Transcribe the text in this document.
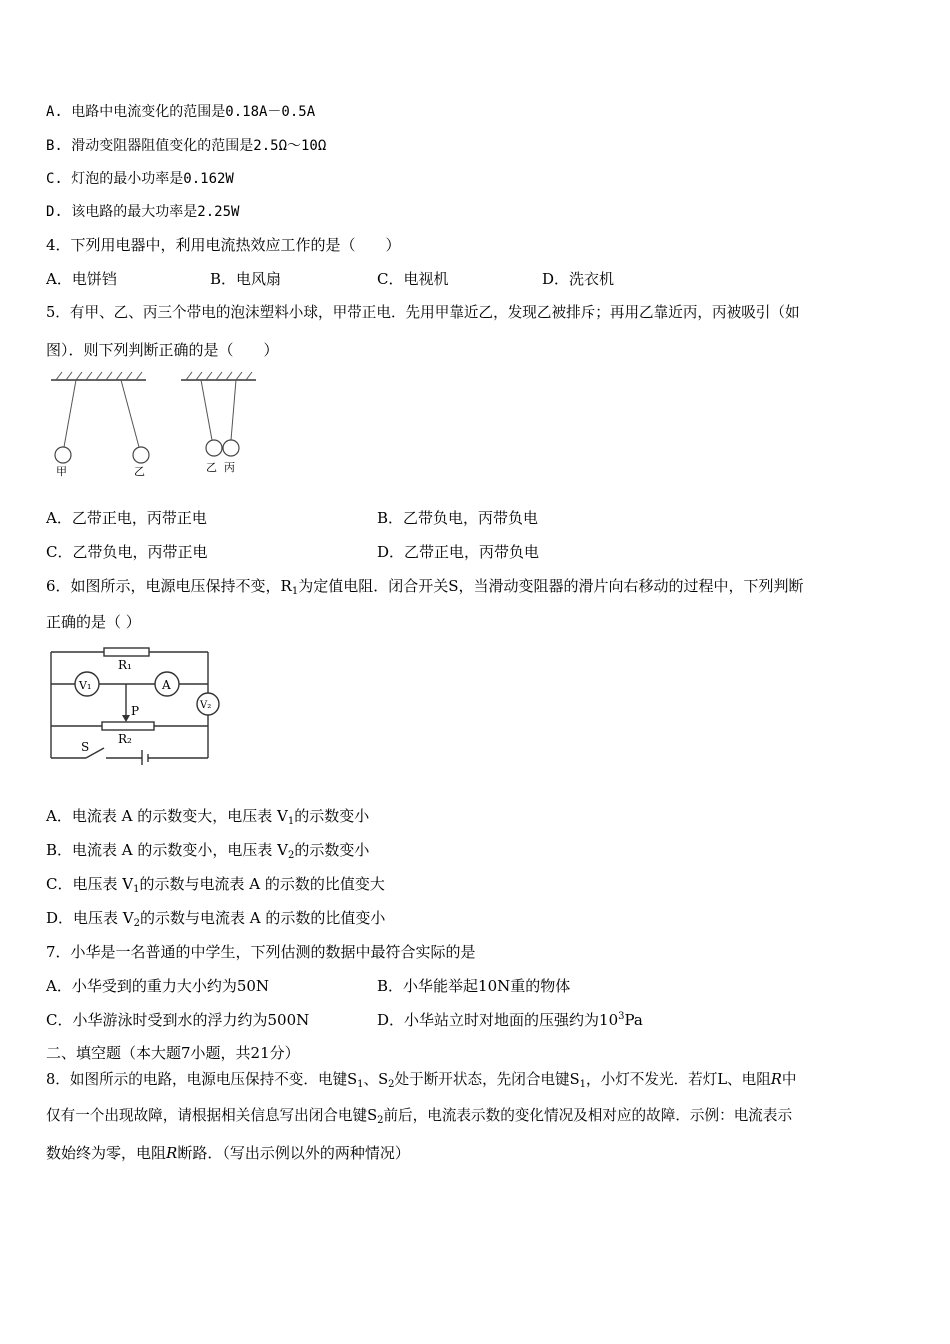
A. 电路中电流变化的范围是0.18A－0.5A
B. 滑动变阻器阻值变化的范围是2.5Ω～10Ω
C. 灯泡的最小功率是0.162W
D. 该电路的最大功率是2.25W
4．下列用电器中，利用电流热效应工作的是（　　）
A．电饼铛	B．电风扇	C．电视机	D．洗衣机
5．有甲、乙、丙三个带电的泡沫塑料小球，甲带正电．先用甲靠近乙，发现乙被排斥；再用乙靠近丙，丙被吸引（如
图）．则下列判断正确的是（　　）
甲	乙	乙 丙
A．乙带正电，丙带正电	B．乙带负电，丙带负电
C．乙带负电，丙带正电	D．乙带正电，丙带负电
6．如图所示，电源电压保持不变，$R_1$为定值电阻．闭合开关S，当滑动变阻器的滑片向右移动的过程中，下列判断
正确的是（ ）
R₁
V₁	A
V₂
P
R₂
S
A．电流表 A 的示数变大，电压表 $V_1$的示数变小
B．电流表 A 的示数变小，电压表 $V_2$的示数变小
C．电压表 $V_1$的示数与电流表 A 的示数的比值变大
D．电压表 $V_2$的示数与电流表 A 的示数的比值变小
7．小华是一名普通的中学生，下列估测的数据中最符合实际的是
A．小华受到的重力大小约为50N	B．小华能举起10N重的物体
C．小华游泳时受到水的浮力约为500N	D．小华站立时对地面的压强约为$10^3Pa$
二、填空题（本大题7小题，共21分）
8．如图所示的电路，电源电压保持不变．电键$S_1$、$S_2$处于断开状态，先闭合电键$S_1$，小灯不发光．若灯L、电阻R中
仅有一个出现故障，请根据相关信息写出闭合电键$S_2$前后，电流表示数的变化情况及相对应的故障．示例：电流表示
数始终为零，电阻R断路．（写出示例以外的两种情况）
